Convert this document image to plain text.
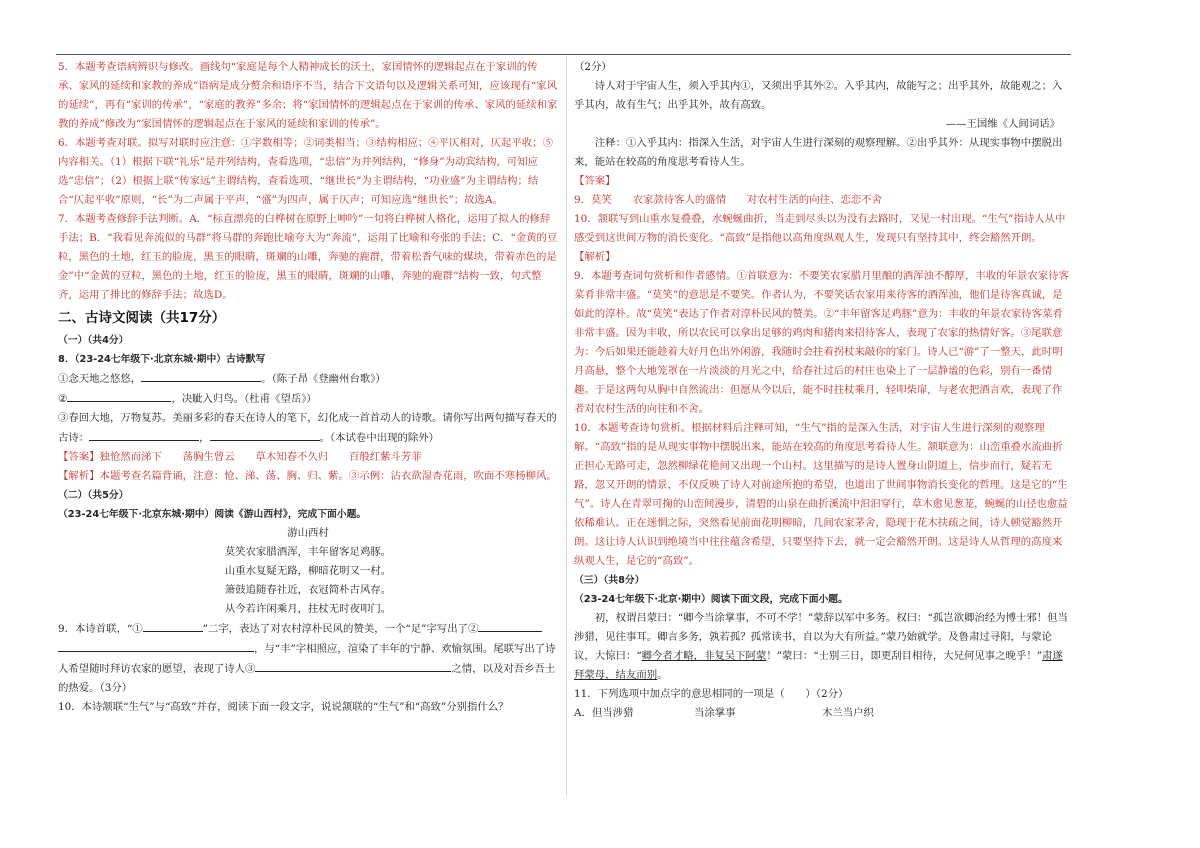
5．本题考查语病辨识与修改。画线句“家庭是每个人精神成长的沃土，家国情怀的逻辑起点在于家训的传承、家风的延续和家教的养成”语病是成分赘余和语序不当，结合下文语句以及逻辑关系可知，应该现有“家风的延续”，再有“家训的传承”，“家庭的教养”多余；将“家国情怀的逻辑起点在于家训的传承、家风的延续和家教的养成”修改为“家国情怀的逻辑起点在于家风的延续和家训的传承”。

6．本题考查对联。拟写对联时应注意：①字数相等；②词类相当；③结构相应；④平仄相对，仄起平收；⑤内容相关。（1）根据下联“礼乐”是并列结构，查看选项，“忠信”为并列结构，“修身”为动宾结构，可知应选“忠信”；（2）根据上联“传家远”主谓结构，查看选项，“继世长”为主谓结构，“功业盛”为主谓结构；结合“仄起平收”原则，“长”为二声属于平声，“盛”为四声，属于仄声；可知应选“继世长”；故选A。

7．本题考查修辞手法判断。A．“标直漂亮的白桦树在原野上呻吟”一句将白桦树人格化，运用了拟人的修辞手法；B．“我看见奔流似的马群”将马群的奔跑比喻夸大为“奔流”，运用了比喻和夸张的手法；C．“金黄的豆粒，黑色的土地，红玉的脸庞，黑玉的眼睛，斑斓的山雕，奔驰的鹿群，带着松香气味的煤块，带着赤色的是金”中“金黄的豆粒，黑色的土地，红玉的脸庞，黑玉的眼睛，斑斓的山雕，奔驰的鹿群”结构一致，句式整齐，运用了排比的修辞手法；故选D。

二、古诗文阅读（共17分）

（一）（共4分）

8．（23-24七年级下·北京东城·期中）古诗默写

①念天地之悠悠，	。（陈子昂《登幽州台歌》）

②	，决眦入归鸟。（杜甫《望岳》）

③春回大地，万物复苏。美丽多彩的春天在诗人的笔下，幻化成一首首动人的诗歌。请你写出两句描写春天的古诗：	，	。（本试卷中出现的除外）

【答案】独怆然而涕下　　荡胸生曾云　　草木知春不久归　　百般红紫斗芳菲

【解析】本题考查名篇背诵，注意：怆、涕、荡、胸、归、紫。③示例：沾衣欲湿杏花雨，吹面不寒杨柳风。

（二）（共5分）

（23-24七年级下·北京东城·期中）阅读《游山西村》，完成下面小题。

游山西村

莫笑农家腊酒浑，丰年留客足鸡豚。

山重水复疑无路，柳暗花明又一村。

箫鼓追随春社近，衣冠简朴古风存。

从今若许闲乘月，拄杖无时夜叩门。

9．本诗首联，“①	”二字，表达了对农村淳朴民风的赞美，一个“足”字写出了②
，与“丰”字相照应，渲染了丰年的宁静、欢愉氛围。尾联写出了诗人希望随时拜访农家的愿望，表现了诗人③	之情，以及对吾乡吾土的热爱。（3分）

10．本诗颔联“生气”与“高致”并存，阅读下面一段文字，说说颔联的“生气”和“高致”分别指什么？

（2分）

诗人对于宇宙人生，须入乎其内①，又须出乎其外②。入乎其内，故能写之；出乎其外，故能观之；入乎其内，故有生气；出乎其外，故有高致。

——王国维《人间词话》

注释：①入乎其内：指深入生活，对宇宙人生进行深刻的观察理解。②出乎其外：从现实事物中摆脱出来，能站在较高的角度思考看待人生。

【答案】

9．莫笑　　农家款待客人的盛情　　对农村生活的向往、恋恋不舍

10．颔联写到山重水复叠叠，水蜿蜒曲折，当走到尽头以为没有去路时，又见一村出现。“生气”指诗人从中感受到这世间万物的消长变化。“高致”是指他以高角度纵观人生，发现只有坚持其中，终会豁然开朗。

【解析】

9．本题考查词句赏析和作者感情。①首联意为：不要笑农家腊月里酿的酒浑浊不醇厚，丰收的年景农家待客菜肴非常丰盛。“莫笑”的意思是不要笑。作者认为，不要笑话农家用来待客的酒浑浊，他们是待客真诚，是如此的淳朴。故“莫笑”表达了作者对淳朴民风的赞美。②“丰年留客足鸡豚”意为：丰收的年景农家待客菜肴非常丰盛。因为丰收，所以农民可以拿出足够的鸡肉和猪肉来招待客人，表现了农家的热情好客。③尾联意为：今后如果还能趁着大好月色出外闲游，我随时会拄着拐杖来敲你的家门。诗人已“游”了一整天，此时明月高悬，整个大地笼罩在一片淡淡的月光之中，给春社过后的村庄也染上了一层静谧的色彩，别有一番情趣。于是这两句从胸中自然流出：但愿从今以后，能不时拄杖乘月，轻叩柴扉，与老农把酒言欢，表现了作者对农村生活的向往和不舍。

10．本题考查诗句赏析。根据材料后注释可知，“生气”指的是深入生活，对宇宙人生进行深刻的观察理解。“高致”指的是从现实事物中摆脱出来，能站在较高的角度思考看待人生。颔联意为：山峦重叠水流曲折正担心无路可走，忽然柳绿花艳间又出现一个山村。这里描写的是诗人置身山阴道上，信步而行，疑若无路，忽又开朗的情景，不仅反映了诗人对前途所抱的希望，也道出了世间事物消长变化的哲理。这是它的“生气”。诗人在青翠可掬的山峦间漫步，清碧的山泉在曲折溪流中汩汩穿行，草木愈见葱茏，蜿蜒的山径也愈益依稀难认。正在迷惘之际，突然看见前面花明柳暗，几间农家茅舍，隐现于花木扶疏之间，诗人顿觉豁然开朗。这让诗人认识到绝境当中往往蕴含希望，只要坚持下去，就一定会豁然开朗。这是诗人从哲理的高度来纵观人生，是它的“高致”。

（三）（共8分）

（23-24七年级下·北京·期中）阅读下面文段，完成下面小题。

初，权谓吕蒙曰：“卿今当涂掌事，不可不学！”蒙辞以军中多务。权曰：“孤岂欲卿治经为博士邪！但当涉猎，见往事耳。卿言多务，孰若孤？孤常读书，自以为大有所益。”蒙乃始就学。及鲁肃过寻阳，与蒙论议，大惊曰：“卿今者才略，非复吴下阿蒙！”蒙曰：“士别三日，即更刮目相待，大兄何见事之晚乎！”肃遂拜蒙母，结友而别。

11．下列选项中加点字的意思相同的一项是（　　）（2分）

A．但当涉猎	当涂掌事	木兰当户织
